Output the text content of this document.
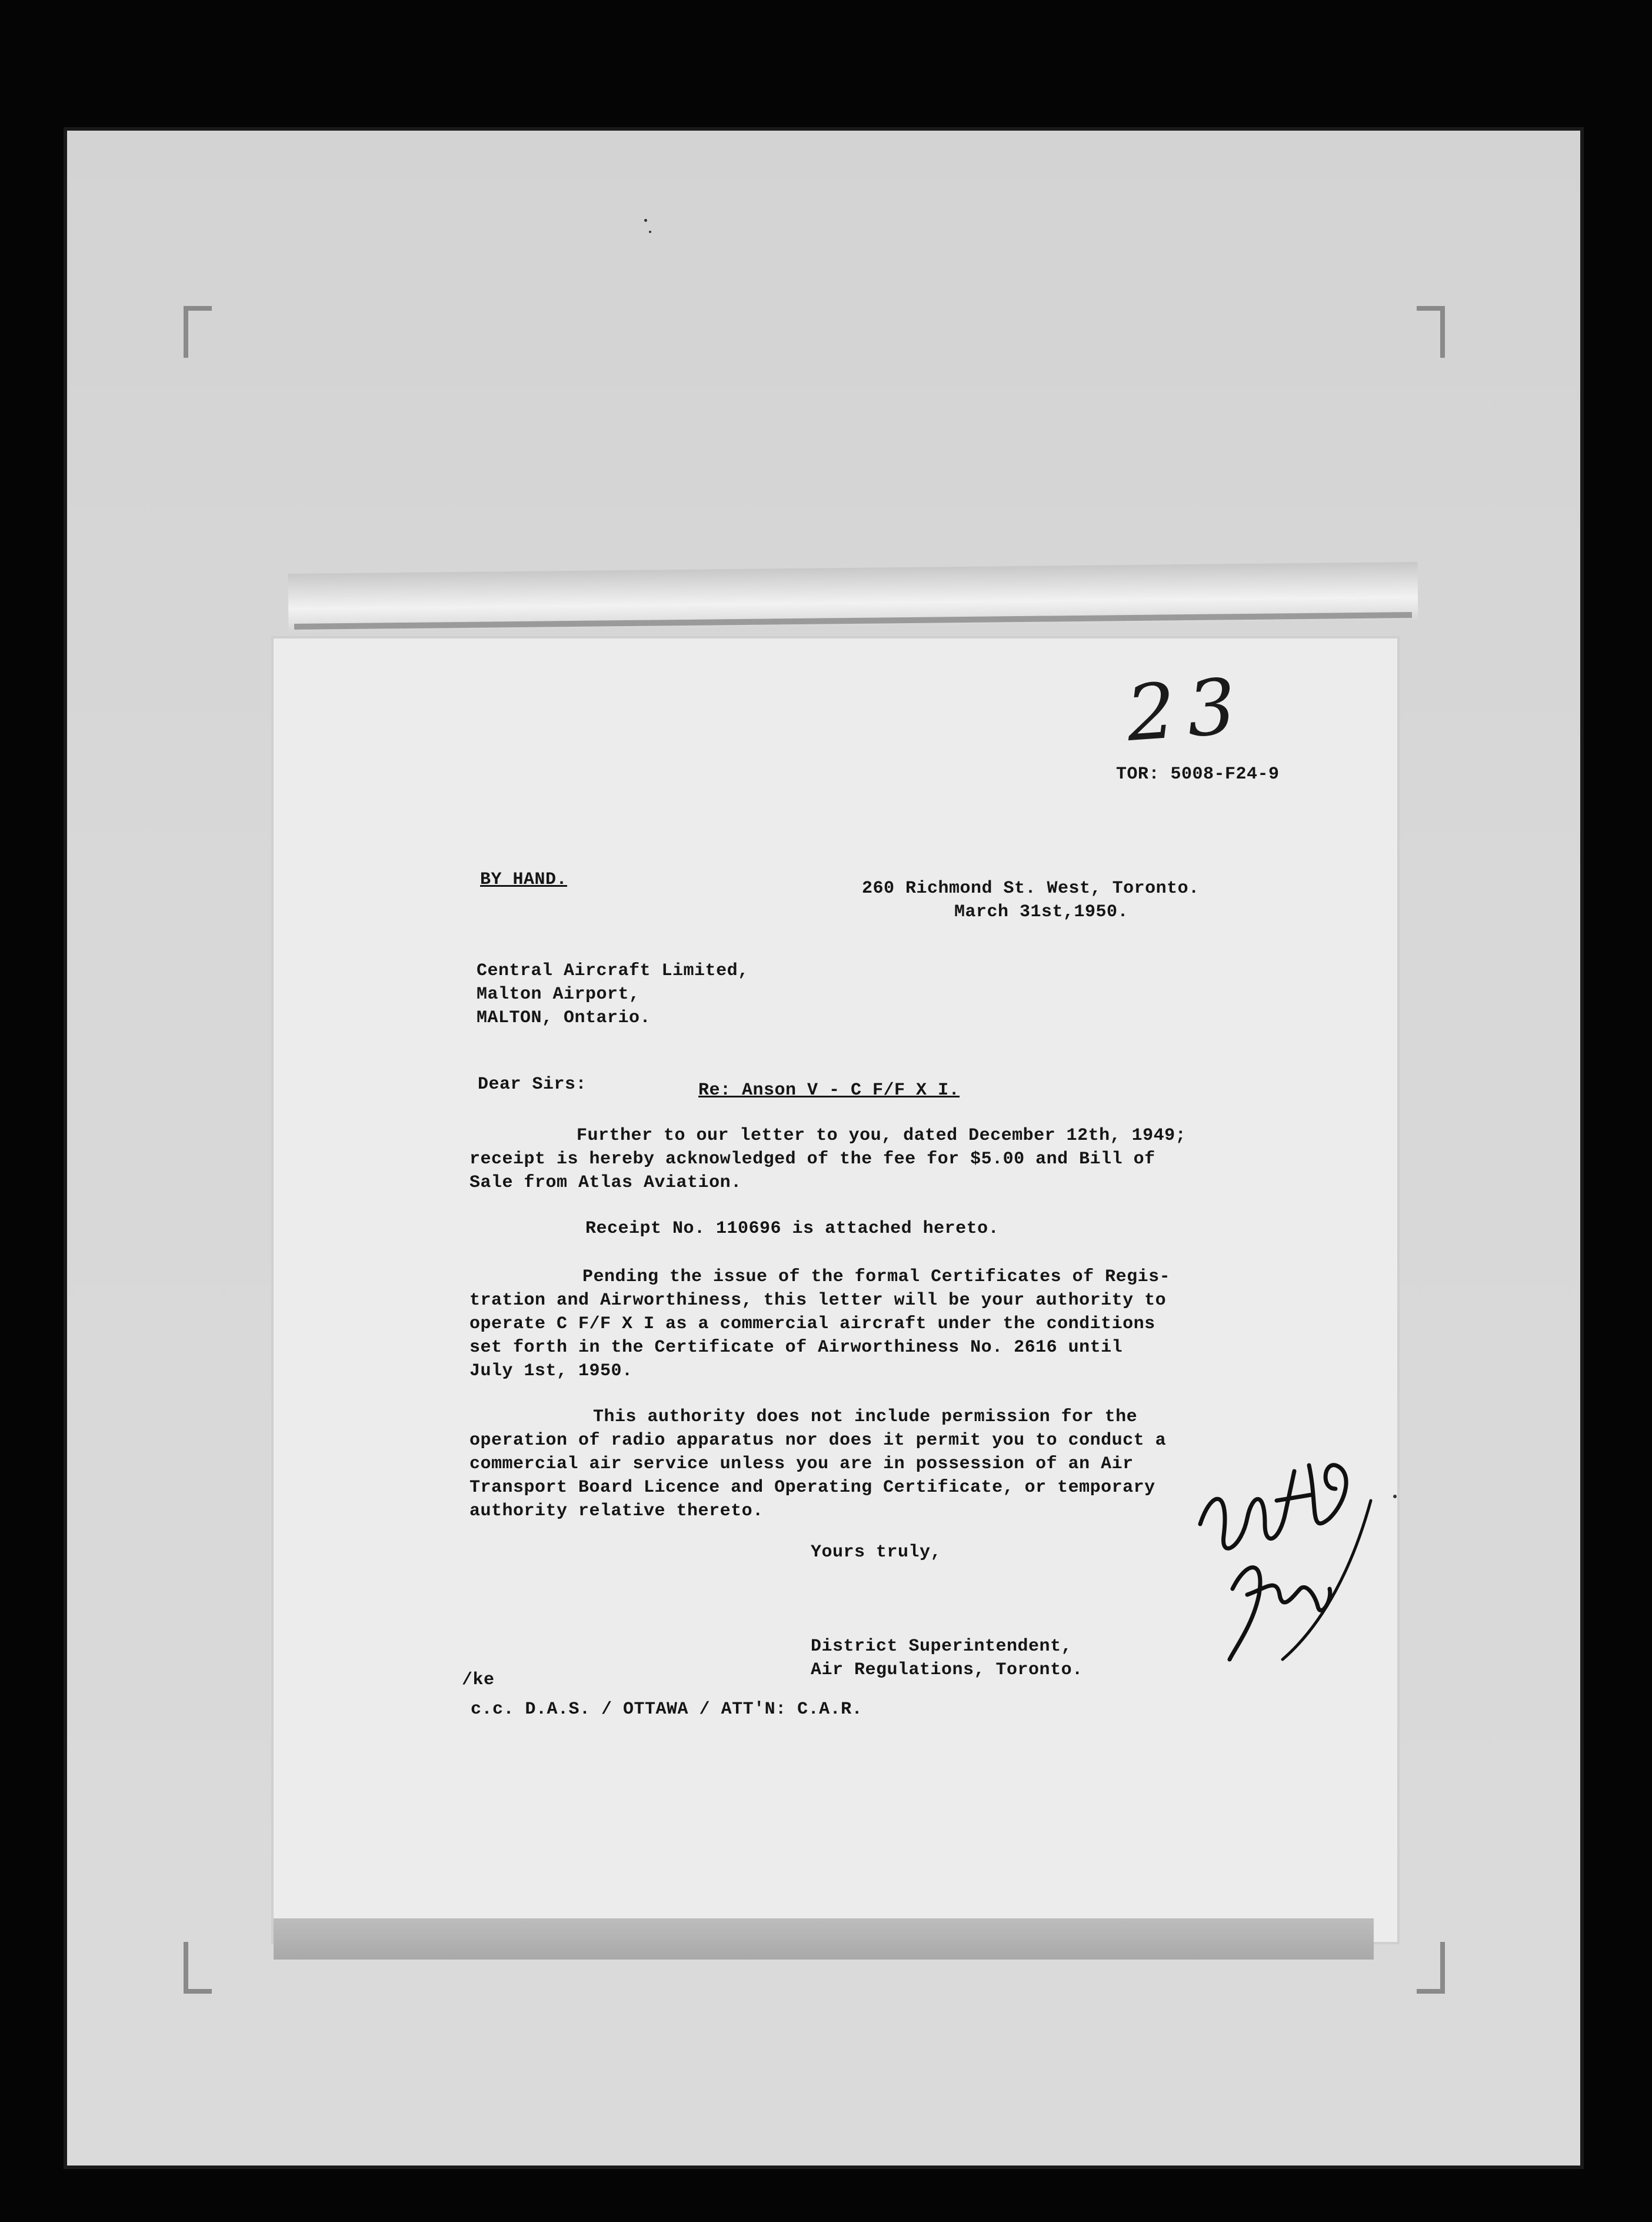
23
TOR: 5008-F24-9
BY HAND.	260 Richmond St. West, Toronto.
March 31st,1950.
Central Aircraft Limited,
Malton Airport,
MALTON, Ontario.
Dear Sirs:	Re: Anson V - C F/F X I.
Further to our letter to you, dated December 12th, 1949;
receipt is hereby acknowledged of the fee for $5.00 and Bill of
Sale from Atlas Aviation.
Receipt No. 110696 is attached hereto.
Pending the issue of the formal Certificates of Regis-
tration and Airworthiness, this letter will be your authority to
operate C F/F X I as a commercial aircraft under the conditions
set forth in the Certificate of Airworthiness No. 2616 until
July 1st, 1950.
This authority does not include permission for the
operation of radio apparatus nor does it permit you to conduct a
commercial air service unless you are in possession of an Air
Transport Board Licence and Operating Certificate, or temporary
authority relative thereto.
Yours truly,
District Superintendent,
Air Regulations, Toronto.
/ke
c.c. D.A.S. / OTTAWA / ATT'N: C.A.R.
